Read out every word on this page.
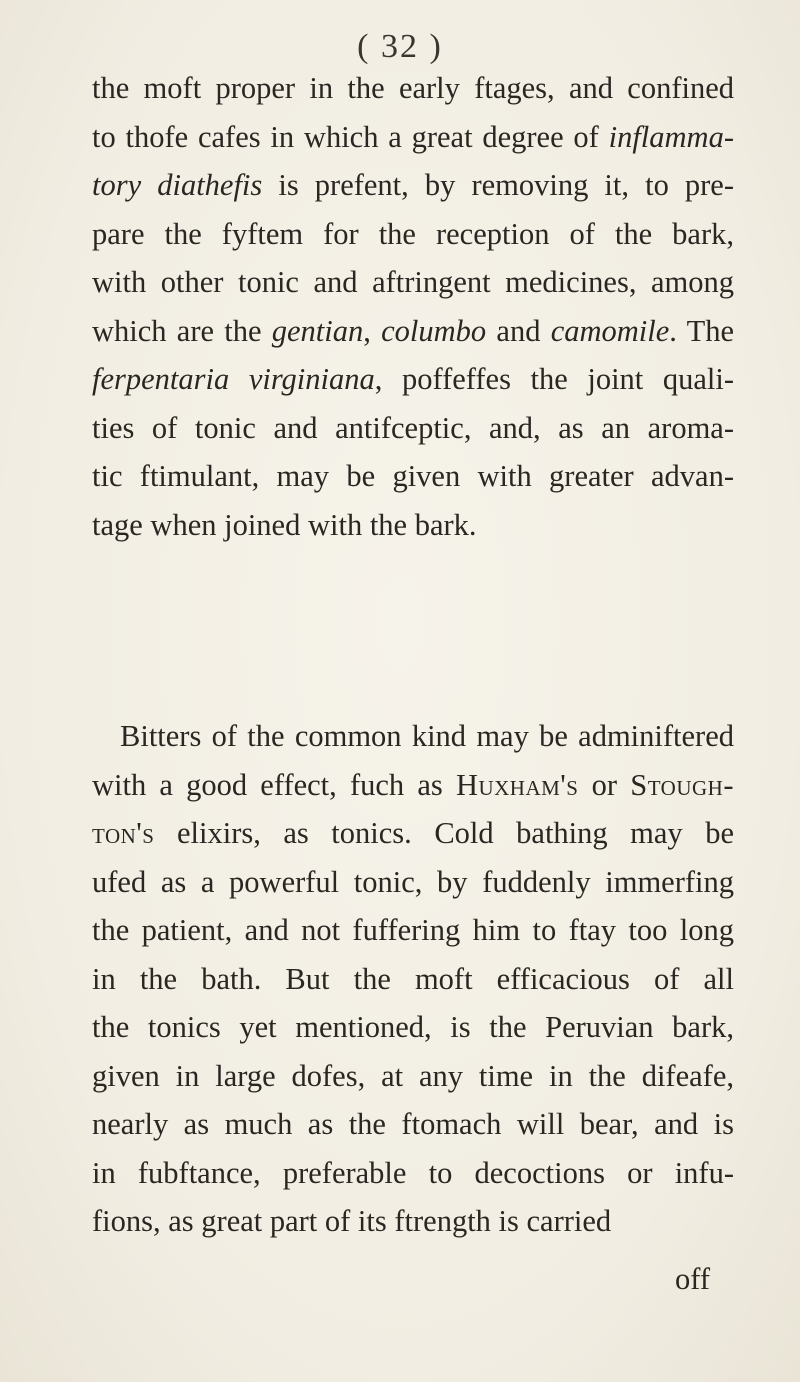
( 32 )
the moft proper in the early ftages, and confined
to thofe cafes in which a great degree of inflamma-
tory diathefis is prefent, by removing it, to pre-
pare the fyftem for the reception of the bark,
with other tonic and aftringent medicines, among
which are the gentian, columbo and camomile. The
ferpentaria virginiana, poffeffes the joint quali-
ties of tonic and antifceptic, and, as an aroma-
tic ftimulant, may be given with greater advan-
tage when joined with the bark.
Bitters of the common kind may be adminiftered
with a good effect, fuch as Huxham's or Stough-
ton's elixirs, as tonics. Cold bathing may be
ufed as a powerful tonic, by fuddenly immerfing
the patient, and not fuffering him to ftay too long
in the bath. But the moft efficacious of all
the tonics yet mentioned, is the Peruvian bark,
given in large dofes, at any time in the difeafe,
nearly as much as the ftomach will bear, and is
in fubftance, preferable to decoctions or infu-
fions, as great part of its ftrength is carried
off
